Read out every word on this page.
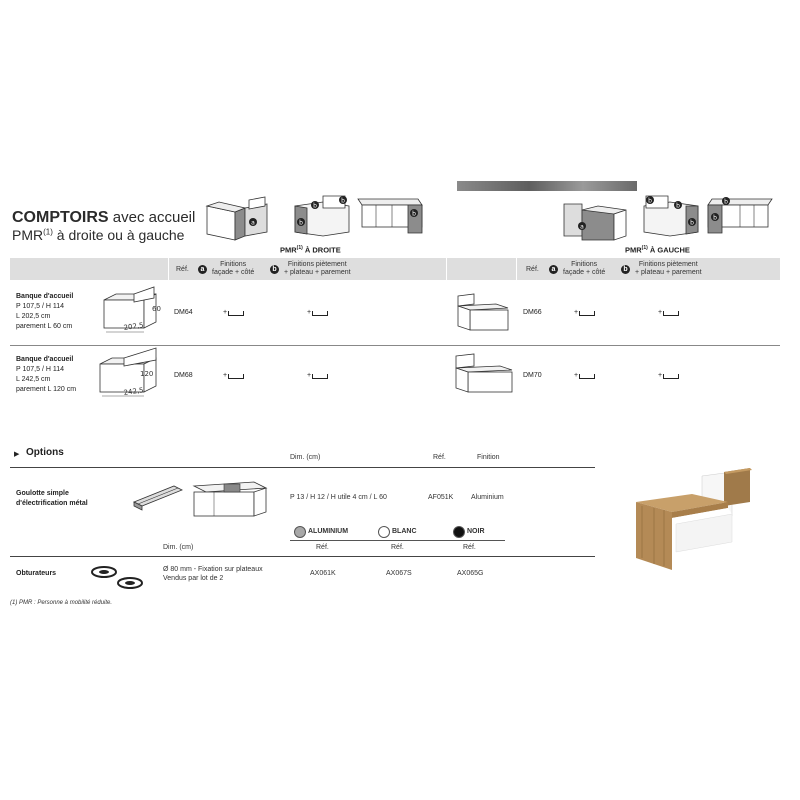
COMPTOIRS avec accueil
PMR$^{(1)}$ à droite ou à gauche
a	b
b
b
b
a
b
b
b
b
b
PMR$^{(1)}$ À DROITE	PMR$^{(1)}$ À GAUCHE
Réf.	a
Finitions
façade + côté	b
Finitions piètement
+ plateau + parement	Réf.	a
Finitions
façade + côté	b
Finitions piètement
+ plateau + parement
Banque d'accueil
P 107,5 / H 114
L 202,5 cm
parement L 60 cm
60
202,5
DM64	+	+	DM66	+	+
Banque d'accueil
P 107,5 / H 114
L 242,5 cm
parement L 120 cm
120
242,5
DM68	+	+	DM70	+	+
▶ Options	Dim. (cm)	Réf.	Finition
Goulotte simple
d'électrification métal
P 13 / H 12 / H utile 4 cm / L 60	AF051K	Aluminium
ALUMINIUM	BLANC	NOIR
Dim. (cm)	Réf.	Réf.	Réf.
Obturateurs
Ø 80 mm - Fixation sur plateaux
Vendus par lot de 2
AX061K	AX067S	AX065G
(1) PMR : Personne à mobilité réduite.
